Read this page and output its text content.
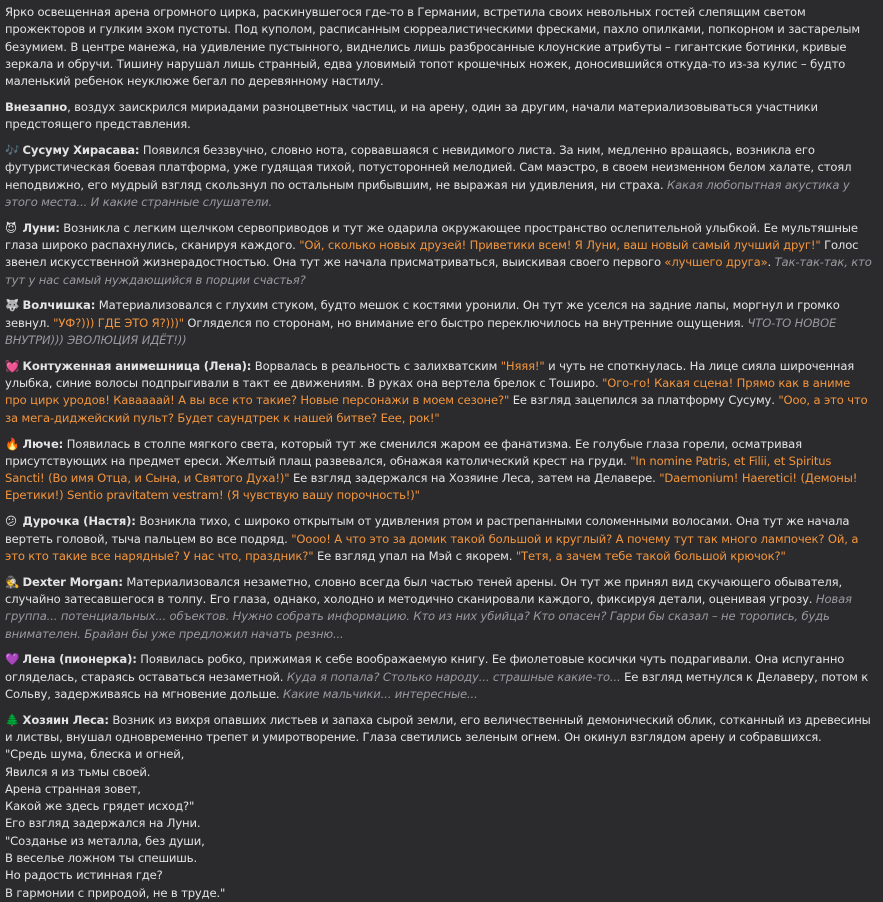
Ярко освещенная арена огромного цирка, раскинувшегося где-то в Германии, встретила своих невольных гостей слепящим светом прожекторов и гулким эхом пустоты. Под куполом, расписанным сюрреалистическими фресками, пахло опилками, попкорном и застарелым безумием. В центре манежа, на удивление пустынного, виднелись лишь разбросанные клоунские атрибуты – гигантские ботинки, кривые зеркала и обручи. Тишину нарушал лишь странный, едва уловимый топот крошечных ножек, доносившийся откуда-то из-за кулис – будто маленький ребенок неуклюже бегал по деревянному настилу.

Внезапно, воздух заискрился мириадами разноцветных частиц, и на арену, один за другим, начали материализовываться участники предстоящего представления.

🎶 Сусуму Хирасава: Появился беззвучно, словно нота, сорвавшаяся с невидимого листа. За ним, медленно вращаясь, возникла его футуристическая боевая платформа, уже гудящая тихой, потусторонней мелодией. Сам маэстро, в своем неизменном белом халате, стоял неподвижно, его мудрый взгляд скользнул по остальным прибывшим, не выражая ни удивления, ни страха. Какая любопытная акустика у этого места... И какие странные слушатели.

😈 Луни: Возникла с легким щелчком сервоприводов и тут же одарила окружающее пространство ослепительной улыбкой. Ее мультяшные глаза широко распахнулись, сканируя каждого. "Ой, сколько новых друзей! Приветики всем! Я Луни, ваш новый самый лучший друг!" Голос звенел искусственной жизнерадостностью. Она тут же начала присматриваться, выискивая своего первого «лучшего друга». Так-так-так, кто тут у нас самый нуждающийся в порции счастья?

🐺 Волчишка: Материализовался с глухим стуком, будто мешок с костями уронили. Он тут же уселся на задние лапы, моргнул и громко зевнул. "УФ?))) ГДЕ ЭТО Я?)))" Огляделся по сторонам, но внимание его быстро переключилось на внутренние ощущения. ЧТО-ТО НОВОЕ ВНУТРИ))) ЭВОЛЮЦИЯ ИДЁТ!))

💓 Контуженная анимешница (Лена): Ворвалась в реальность с залихватским "Няяя!" и чуть не споткнулась. На лице сияла широченная улыбка, синие волосы подпрыгивали в такт ее движениям. В руках она вертела брелок с Тоширо. "Ого-го! Какая сцена! Прямо как в аниме про цирк уродов! Каваааай! А вы все кто такие? Новые персонажи в моем сезоне?" Ее взгляд зацепился за платформу Сусуму. "Ооо, а это что за мега-диджейский пульт? Будет саундтрек к нашей битве? Еее, рок!"

🔥 Люче: Появилась в столпе мягкого света, который тут же сменился жаром ее фанатизма. Ее голубые глаза горели, осматривая присутствующих на предмет ереси. Желтый плащ развевался, обнажая католический крест на груди. "In nomine Patris, et Filii, et Spiritus Sancti! (Во имя Отца, и Сына, и Святого Духа!)" Ее взгляд задержался на Хозяине Леса, затем на Делавере. "Daemonium! Haeretici! (Демоны! Еретики!) Sentio pravitatem vestram! (Я чувствую вашу порочность!)"

😕 Дурочка (Настя): Возникла тихо, с широко открытым от удивления ртом и растрепанными соломенными волосами. Она тут же начала вертеть головой, тыча пальцем во все подряд. "Оооо! А что это за домик такой большой и круглый? А почему тут так много лампочек? Ой, а это кто такие все нарядные? У нас что, праздник?" Ее взгляд упал на Мэй с якорем. "Тетя, а зачем тебе такой большой крючок?"

🕵 Dexter Morgan: Материализовался незаметно, словно всегда был частью теней арены. Он тут же принял вид скучающего обывателя, случайно затесавшегося в толпу. Его глаза, однако, холодно и методично сканировали каждого, фиксируя детали, оценивая угрозу. Новая группа... потенциальных... объектов. Нужно собрать информацию. Кто из них убийца? Кто опасен? Гарри бы сказал – не торопись, будь внимателен. Брайан бы уже предложил начать резню...

💜 Лена (пионерка): Появилась робко, прижимая к себе воображаемую книгу. Ее фиолетовые косички чуть подрагивали. Она испуганно огляделась, стараясь оставаться незаметной. Куда я попала? Столько народу... страшные какие-то... Ее взгляд метнулся к Делаверу, потом к Сольву, задерживаясь на мгновение дольше. Какие мальчики... интересные...

🌲 Хозяин Леса: Возник из вихря опавших листьев и запаха сырой земли, его величественный демонический облик, сотканный из древесины и листвы, внушал одновременно трепет и умиротворение. Глаза светились зеленым огнем. Он окинул взглядом арену и собравшихся.

"Средь шума, блеска и огней,

Явился я из тьмы своей.

Арена странная зовет,

Какой же здесь грядет исход?"

Его взгляд задержался на Луни.

"Созданье из металла, без души,

В веселье ложном ты спешишь.

Но радость истинная где?

В гармонии с природой, не в труде."
